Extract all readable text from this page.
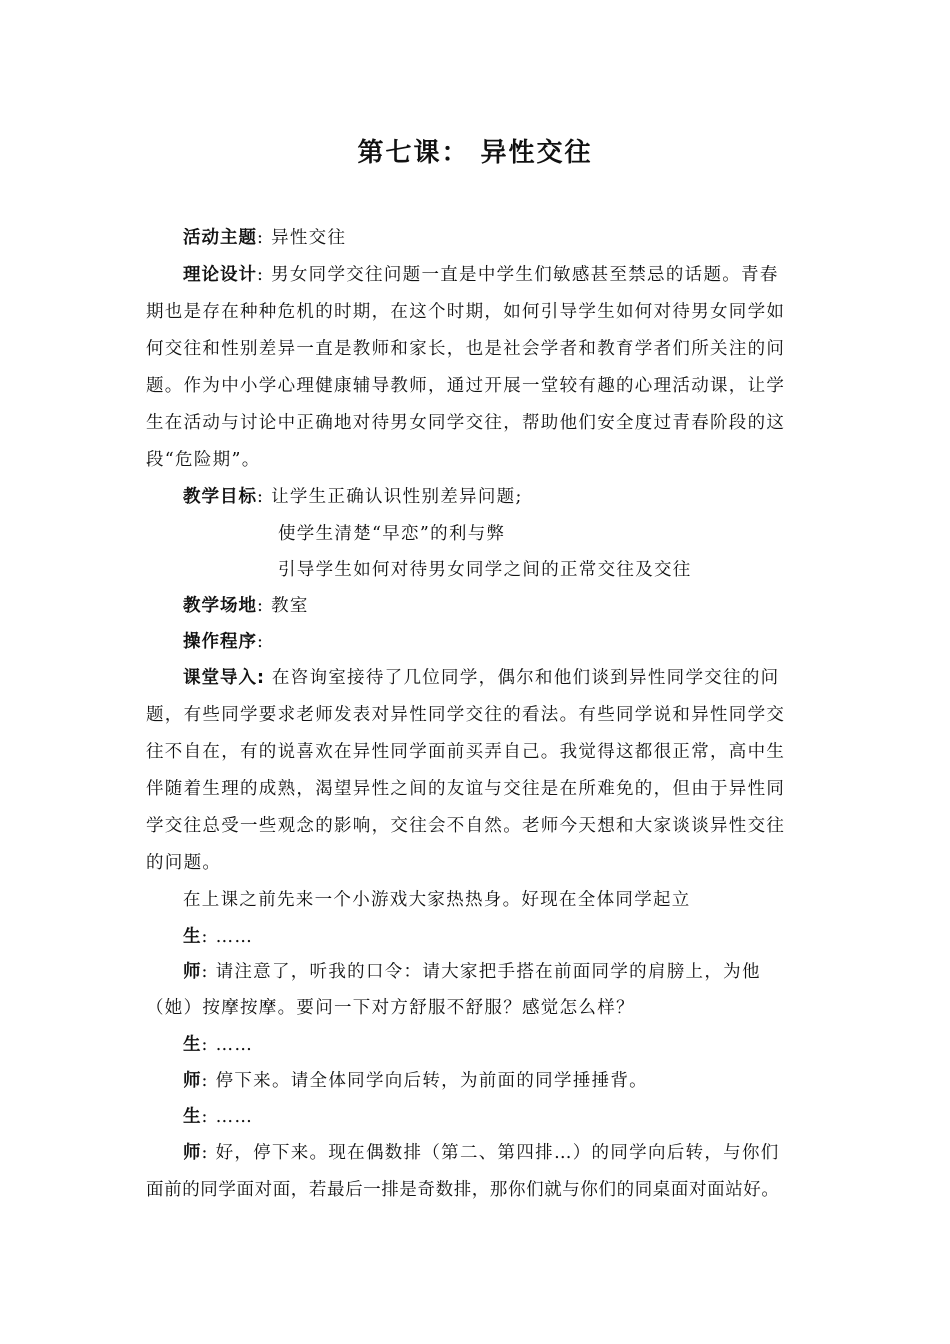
第七课： 异性交往
活动主题: 异性交往
理论设计: 男女同学交往问题一直是中学生们敏感甚至禁忌的话题。青春
期也是存在种种危机的时期，在这个时期，如何引导学生如何对待男女同学如
何交往和性别差异一直是教师和家长，也是社会学者和教育学者们所关注的问
题。作为中小学心理健康辅导教师，通过开展一堂较有趣的心理活动课，让学
生在活动与讨论中正确地对待男女同学交往，帮助他们安全度过青春阶段的这
段“危险期”。
教学目标: 让学生正确认识性别差异问题;
使学生清楚“早恋”的利与弊
引导学生如何对待男女同学之间的正常交往及交往
教学场地: 教室
操作程序:
课堂导入: 在咨询室接待了几位同学，偶尔和他们谈到异性同学交往的问
题，有些同学要求老师发表对异性同学交往的看法。有些同学说和异性同学交
往不自在，有的说喜欢在异性同学面前买弄自己。我觉得这都很正常，高中生
伴随着生理的成熟，渴望异性之间的友谊与交往是在所难免的，但由于异性同
学交往总受一些观念的影响，交往会不自然。老师今天想和大家谈谈异性交往
的问题。
在上课之前先来一个小游戏大家热热身。好现在全体同学起立
生: ……
师: 请注意了，听我的口令：请大家把手搭在前面同学的肩膀上，为他
（她）按摩按摩。要问一下对方舒服不舒服？感觉怎么样？
生: ……
师: 停下来。请全体同学向后转，为前面的同学捶捶背。
生: ……
师: 好，停下来。现在偶数排（第二、第四排…）的同学向后转，与你们
面前的同学面对面，若最后一排是奇数排，那你们就与你们的同桌面对面站好。
